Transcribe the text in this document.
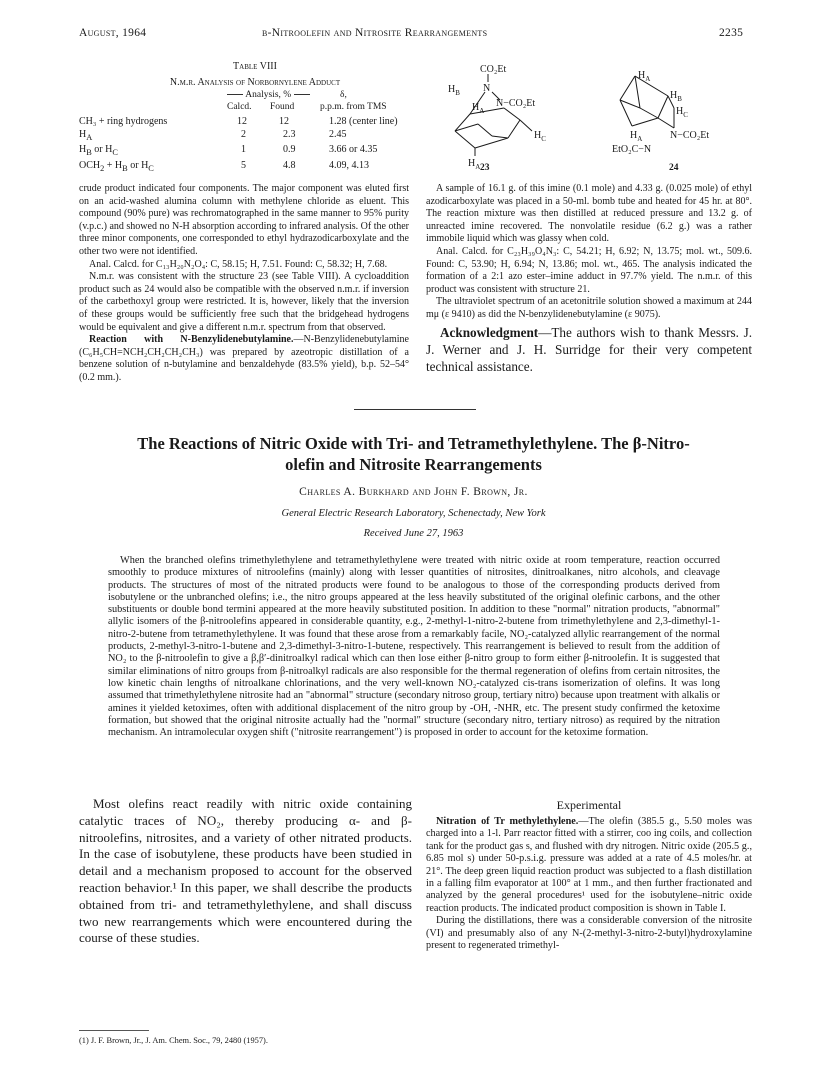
August, 1964	β-Nitroolefin and Nitrosite Rearrangements	2235
Table VIII
N.m.r. Analysis of Norbornylene Adduct
Analysis, %	δ,
Calcd. Found	p.p.m. from TMS
CH₃ + ring hydrogens	12	12	1.28 (center line)
$H_A$	2	2.3	2.45
$H_B$ or $H_C$	1	0.9	3.66 or 4.35
$OCH_2 + H_B$ or $H_C$	5	4.8	4.09, 4.13
CO₂Et
N
$H_B$
$H_A$
N−CO₂Et
$H_C$
$H_A$ 23
$H_A$
$H_B$
$H_C$
$H_A$	N−CO₂Et
EtO₂C−N
24

crude product indicated four components. The major component was eluted first on an acid-washed alumina column with methylene chloride as eluent. This compound (90% pure) was rechromatographed in the same manner to 95% purity (v.p.c.) and showed no N-H absorption according to infrared analysis. Of the other three minor components, one corresponded to ethyl hydrazodicarboxylate and the other two were not identified.

Anal. Calcd. for C₁₃H₂₀N₂O₄: C, 58.15; H, 7.51. Found: C, 58.32; H, 7.68.

N.m.r. was consistent with the structure 23 (see Table VIII). A cycloaddition product such as 24 would also be compatible with the observed n.m.r. if inversion of the carbethoxyl group were restricted. It is, however, likely that the inversion of these groups would be sufficiently free such that the bridgehead hydrogens would be equivalent and give a different n.m.r. spectrum from that observed.

Reaction with N-Benzylidenebutylamine.—N-Benzylidenebutylamine (C₆H₅CH=NCH₂CH₂CH₂CH₃) was prepared by azeotropic distillation of a benzene solution of n-butylamine and benzaldehyde (83.5% yield), b.p. 52–54° (0.2 mm.).

A sample of 16.1 g. of this imine (0.1 mole) and 4.33 g. (0.025 mole) of ethyl azodicarboxylate was placed in a 50-ml. bomb tube and heated for 45 hr. at 80°. The reaction mixture was then distilled at reduced pressure and 13.2 g. of unreacted imine recovered. The nonvolatile residue (6.2 g.) was a rather immobile liquid which was glassy when cold.

Anal. Calcd. for C₂₃H₃₉O₄N₃: C, 54.21; H, 6.92; N, 13.75; mol. wt., 509.6. Found: C, 53.90; H, 6.94; N, 13.86; mol. wt., 465. The analysis indicated the formation of a 2:1 azo ester–imine adduct in 97.7% yield. The n.m.r. of this product was consistent with structure 21.

The ultraviolet spectrum of an acetonitrile solution showed a maximum at 244 mμ (ε 9410) as did the N-benzylidenebutylamine (ε 9075).

Acknowledgment—The authors wish to thank Messrs. J. J. Werner and J. H. Surridge for their very competent technical assistance.
The Reactions of Nitric Oxide with Tri- and Tetramethylethylene. The β-Nitro-
olefin and Nitrosite Rearrangements
Charles A. Burkhard and John F. Brown, Jr.
General Electric Research Laboratory, Schenectady, New York
Received June 27, 1963

When the branched olefins trimethylethylene and tetramethylethylene were treated with nitric oxide at room temperature, reaction occurred smoothly to produce mixtures of nitroolefins (mainly) along with lesser quantities of nitrosites, dinitroalkanes, nitro alcohols, and cleavage products. The structures of most of the nitrated products were found to be analogous to those of the corresponding products derived from isobutylene or the unbranched olefins; i.e., the nitro groups appeared at the less heavily substituted of the original olefinic carbons, and the other substituents or double bond termini appeared at the more heavily substituted position. In addition to these "normal" nitration products, "abnormal" allylic isomers of the β-nitroolefins appeared in considerable quantity, e.g., 2-methyl-1-nitro-2-butene from trimethylethylene and 2,3-dimethyl-1-nitro-2-butene from tetramethylethylene. It was found that these arose from a remarkably facile, NO₂-catalyzed allylic rearrangement of the normal products, 2-methyl-3-nitro-1-butene and 2,3-dimethyl-3-nitro-1-butene, respectively. This rearrangement is believed to result from the addition of NO₂ to the β-nitroolefin to give a β,β′-dinitroalkyl radical which can then lose either β-nitro group to form either β-nitroolefin. It is suggested that similar eliminations of nitro groups from β-nitroalkyl radicals are also responsible for the thermal regeneration of olefins from certain nitrosites, the low kinetic chain lengths of nitroalkane chlorinations, and the very well-known NO₂-catalyzed cis-trans isomerization of olefins. It was long assumed that trimethylethylene nitrosite had an "abnormal" structure (secondary nitroso group, tertiary nitro) because upon treatment with alkalis or amines it yielded ketoximes, often with additional displacement of the nitro group by -OH, -NHR, etc. The present study confirmed the ketoxime formation, but showed that the original nitrosite actually had the "normal" structure (secondary nitro, tertiary nitroso) as required by the nitration mechanism. An intramolecular oxygen shift ("nitrosite rearrangement") is proposed in order to account for the ketoxime formation.

Most olefins react readily with nitric oxide containing catalytic traces of NO₂, thereby producing α- and β-nitroolefins, nitrosites, and a variety of other nitrated products. In the case of isobutylene, these products have been studied in detail and a mechanism proposed to account for the observed reaction behavior.¹ In this paper, we shall describe the products obtained from tri- and tetramethylethylene, and shall discuss two new rearrangements which were encountered during the course of these studies.

(1) J. F. Brown, Jr., J. Am. Chem. Soc., 79, 2480 (1957).
Experimental

Nitration of Tr methylethylene.—The olefin (385.5 g., 5.50 moles was charged into a 1-l. Parr reactor fitted with a stirrer, coo ing coils, and collection tank for the product gas s, and flushed with dry nitrogen. Nitric oxide (205.5 g., 6.85 mol s) under 50-p.s.i.g. pressure was added at a rate of 4.5 moles/hr. at 21°. The deep green liquid reaction product was subjected to a flash distillation in a falling film evaporator at 100° at 1 mm., and then further fractionated and analyzed by the general procedures¹ used for the isobutylene–nitric oxide reaction products. The indicated product composition is shown in Table I.

During the distillations, there was a considerable conversion of the nitrosite (VI) and presumably also of any N-(2-methyl-3-nitro-2-butyl)hydroxylamine present to regenerated trimethyl-
